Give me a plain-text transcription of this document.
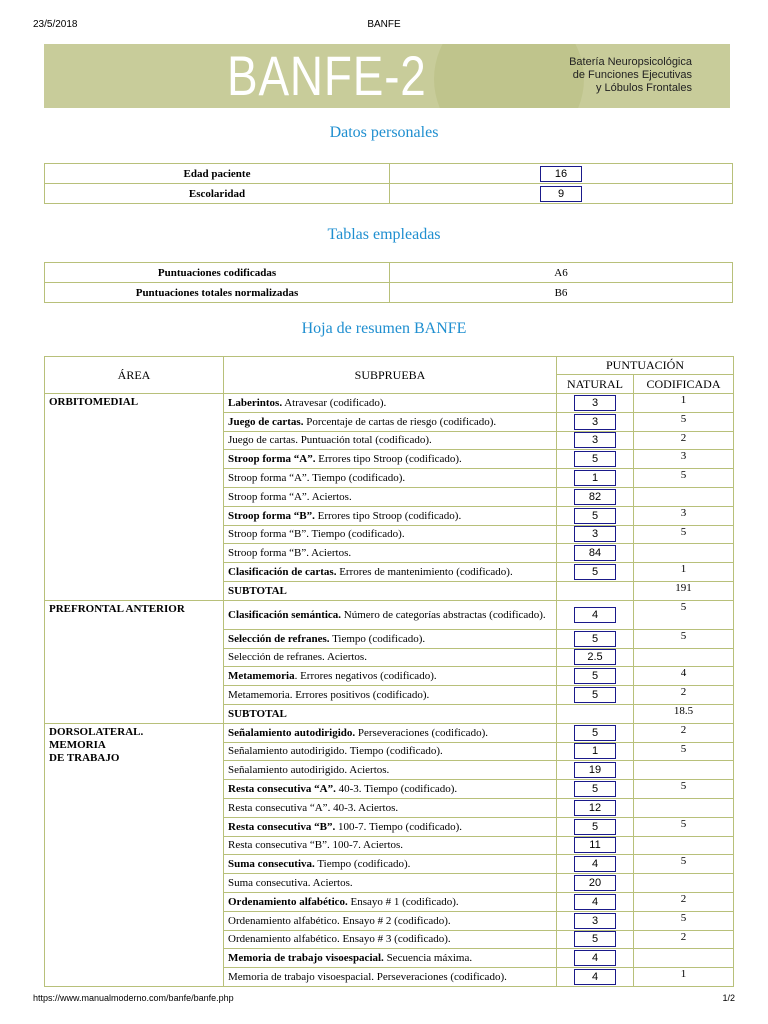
23/5/2018	BANFE
BANFE-2	Batería Neuropsicológica
de Funciones Ejecutivas
y Lóbulos Frontales
Datos personales
Edad paciente	16
Escolaridad	9
Tablas empleadas
Puntuaciones codificadas	A6
Puntuaciones totales normalizadas	B6
Hoja de resumen BANFE
ÁREA	SUBPRUEBA	PUNTUACIÓN	
		NATURAL	CODIFICADA

ORBITOMEDIAL	Laberintos. Atravesar (codificado).	3	1
	Juego de cartas. Porcentaje de cartas de riesgo (codificado).	3	5
	Juego de cartas. Puntuación total (codificado).	3	2
	Stroop forma “A”. Errores tipo Stroop (codificado).	5	3
	Stroop forma “A”. Tiempo (codificado).	1	5
	Stroop forma “A”. Aciertos.	82	
	Stroop forma “B”. Errores tipo Stroop (codificado).	5	3
	Stroop forma “B”. Tiempo (codificado).	3	5
	Stroop forma “B”. Aciertos.	84	
	Clasificación de cartas. Errores de mantenimiento (codificado).	5	1
	SUBTOTAL		191

PREFRONTAL ANTERIOR	Clasificación semántica. Número de categorías abstractas (codificado).	4	5
	Selección de refranes. Tiempo (codificado).	5	5
	Selección de refranes. Aciertos.	2.5	
	Metamemoria. Errores negativos (codificado).	5	4
	Metamemoria. Errores positivos (codificado).	5	2
	SUBTOTAL		18.5

DORSOLATERAL.
MEMORIA
DE TRABAJO	Señalamiento autodirigido. Perseveraciones (codificado).	5	2
	Señalamiento autodirigido. Tiempo (codificado).	1	5
	Señalamiento autodirigido. Aciertos.	19	
	Resta consecutiva “A”. 40-3. Tiempo (codificado).	5	5
	Resta consecutiva “A”. 40-3. Aciertos.	12	
	Resta consecutiva “B”. 100-7. Tiempo (codificado).	5	5
	Resta consecutiva “B”. 100-7. Aciertos.	11	
	Suma consecutiva. Tiempo (codificado).	4	5
	Suma consecutiva. Aciertos.	20	
	Ordenamiento alfabético. Ensayo # 1 (codificado).	4	2
	Ordenamiento alfabético. Ensayo # 2 (codificado).	3	5
	Ordenamiento alfabético. Ensayo # 3 (codificado).	5	2
	Memoria de trabajo visoespacial. Secuencia máxima.	4	
	Memoria de trabajo visoespacial. Perseveraciones (codificado).	4	1
https://www.manualmoderno.com/banfe/banfe.php	1/2
